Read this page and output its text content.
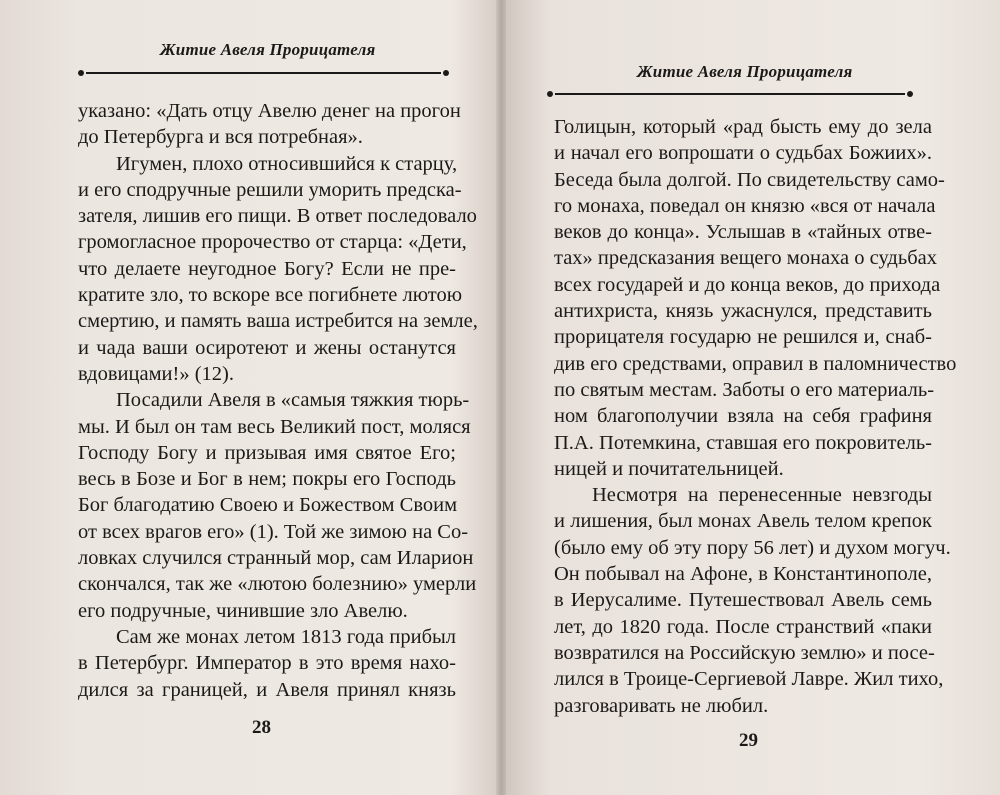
Житие Авеля Прорицателя
указано: «Дать отцу Авелю денег на прогон
до Петербурга и вся потребная».
Игумен, плохо относившийся к старцу,
и его сподручные решили уморить предска-
зателя, лишив его пищи. В ответ последовало
громогласное пророчество от старца: «Дети,
что делаете неугодное Богу? Если не пре-
кратите зло, то вскоре все погибнете лютою
смертию, и память ваша истребится на земле,
и чада ваши осиротеют и жены останутся
вдовицами!» (12).
Посадили Авеля в «самыя тяжкия тюрь-
мы. И был он там весь Великий пост, моляся
Господу Богу и призывая имя святое Его;
весь в Бозе и Бог в нем; покры его Господь
Бог благодатию Своею и Божеством Своим
от всех врагов его» (1). Той же зимою на Со-
ловках случился странный мор, сам Иларион
скончался, так же «лютою болезнию» умерли
его подручные, чинившие зло Авелю.
Сам же монах летом 1813 года прибыл
в Петербург. Император в это время нахо-
дился за границей, и Авеля принял князь
28
Житие Авеля Прорицателя
Голицын, который «рад бысть ему до зела
и начал его вопрошати о судьбах Божиих».
Беседа была долгой. По свидетельству само-
го монаха, поведал он князю «вся от начала
веков до конца». Услышав в «тайных отве-
тах» предсказания вещего монаха о судьбах
всех государей и до конца веков, до прихода
антихриста, князь ужаснулся, представить
прорицателя государю не решился и, снаб-
див его средствами, оправил в паломничество
по святым местам. Заботы о его материаль-
ном благополучии взяла на себя графиня
П.А. Потемкина, ставшая его покровитель-
ницей и почитательницей.
Несмотря на перенесенные невзгоды
и лишения, был монах Авель телом крепок
(было ему об эту пору 56 лет) и духом могуч.
Он побывал на Афоне, в Константинополе,
в Иерусалиме. Путешествовал Авель семь
лет, до 1820 года. После странствий «паки
возвратился на Российскую землю» и посе-
лился в Троице-Сергиевой Лавре. Жил тихо,
разговаривать не любил.
29
